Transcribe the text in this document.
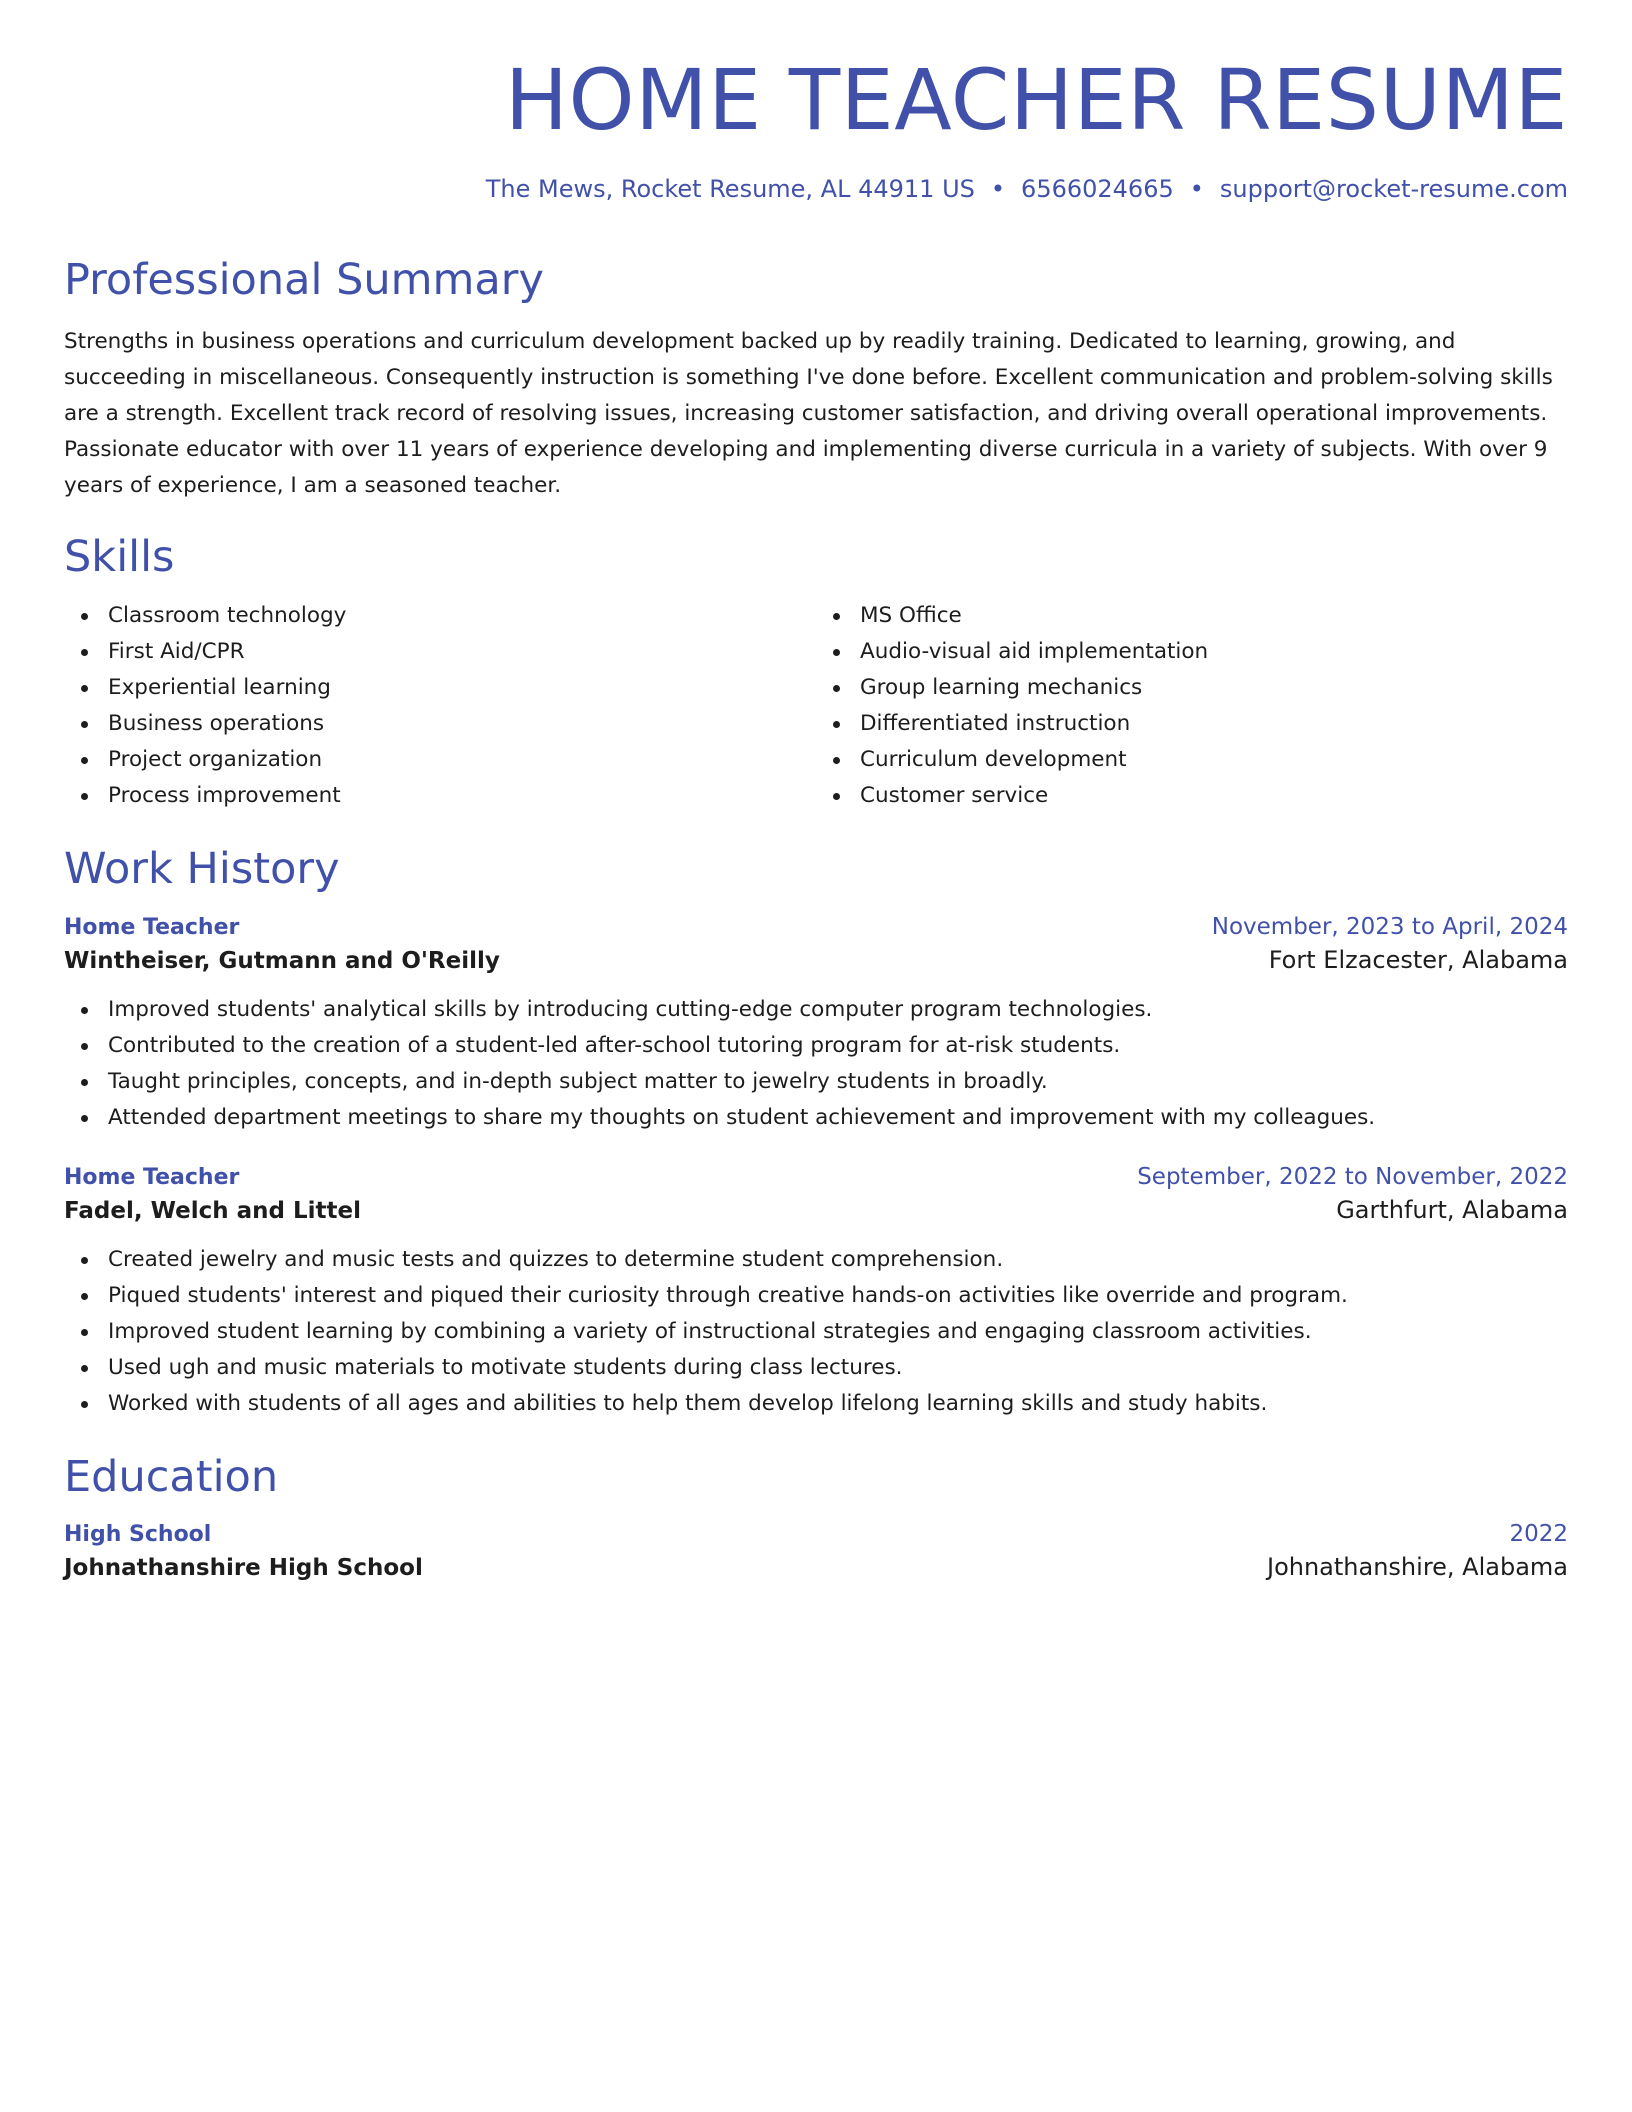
HOME TEACHER RESUME
The Mews, Rocket Resume, AL 44911 US • 6566024665 • support@rocket-resume.com
Professional Summary

Strengths in business operations and curriculum development backed up by readily training. Dedicated to learning, growing, and succeeding in miscellaneous. Consequently instruction is something I've done before. Excellent communication and problem-solving skills are a strength. Excellent track record of resolving issues, increasing customer satisfaction, and driving overall operational improvements. Passionate educator with over 11 years of experience developing and implementing diverse curricula in a variety of subjects. With over 9 years of experience, I am a seasoned teacher.

Skills
Classroom technology
First Aid/CPR
Experiential learning
Business operations
Project organization
Process improvement
MS Office
Audio-visual aid implementation
Group learning mechanics
Differentiated instruction
Curriculum development
Customer service
Work History
Home Teacher	November, 2023 to April, 2024
Wintheiser, Gutmann and O'Reilly	Fort Elzacester, Alabama
Improved students' analytical skills by introducing cutting-edge computer program technologies.
Contributed to the creation of a student-led after-school tutoring program for at-risk students.
Taught principles, concepts, and in-depth subject matter to jewelry students in broadly.
Attended department meetings to share my thoughts on student achievement and improvement with my colleagues.
Home Teacher	September, 2022 to November, 2022
Fadel, Welch and Littel	Garthfurt, Alabama
Created jewelry and music tests and quizzes to determine student comprehension.
Piqued students' interest and piqued their curiosity through creative hands-on activities like override and program.
Improved student learning by combining a variety of instructional strategies and engaging classroom activities.
Used ugh and music materials to motivate students during class lectures.
Worked with students of all ages and abilities to help them develop lifelong learning skills and study habits.
Education
High School	2022
Johnathanshire High School	Johnathanshire, Alabama
